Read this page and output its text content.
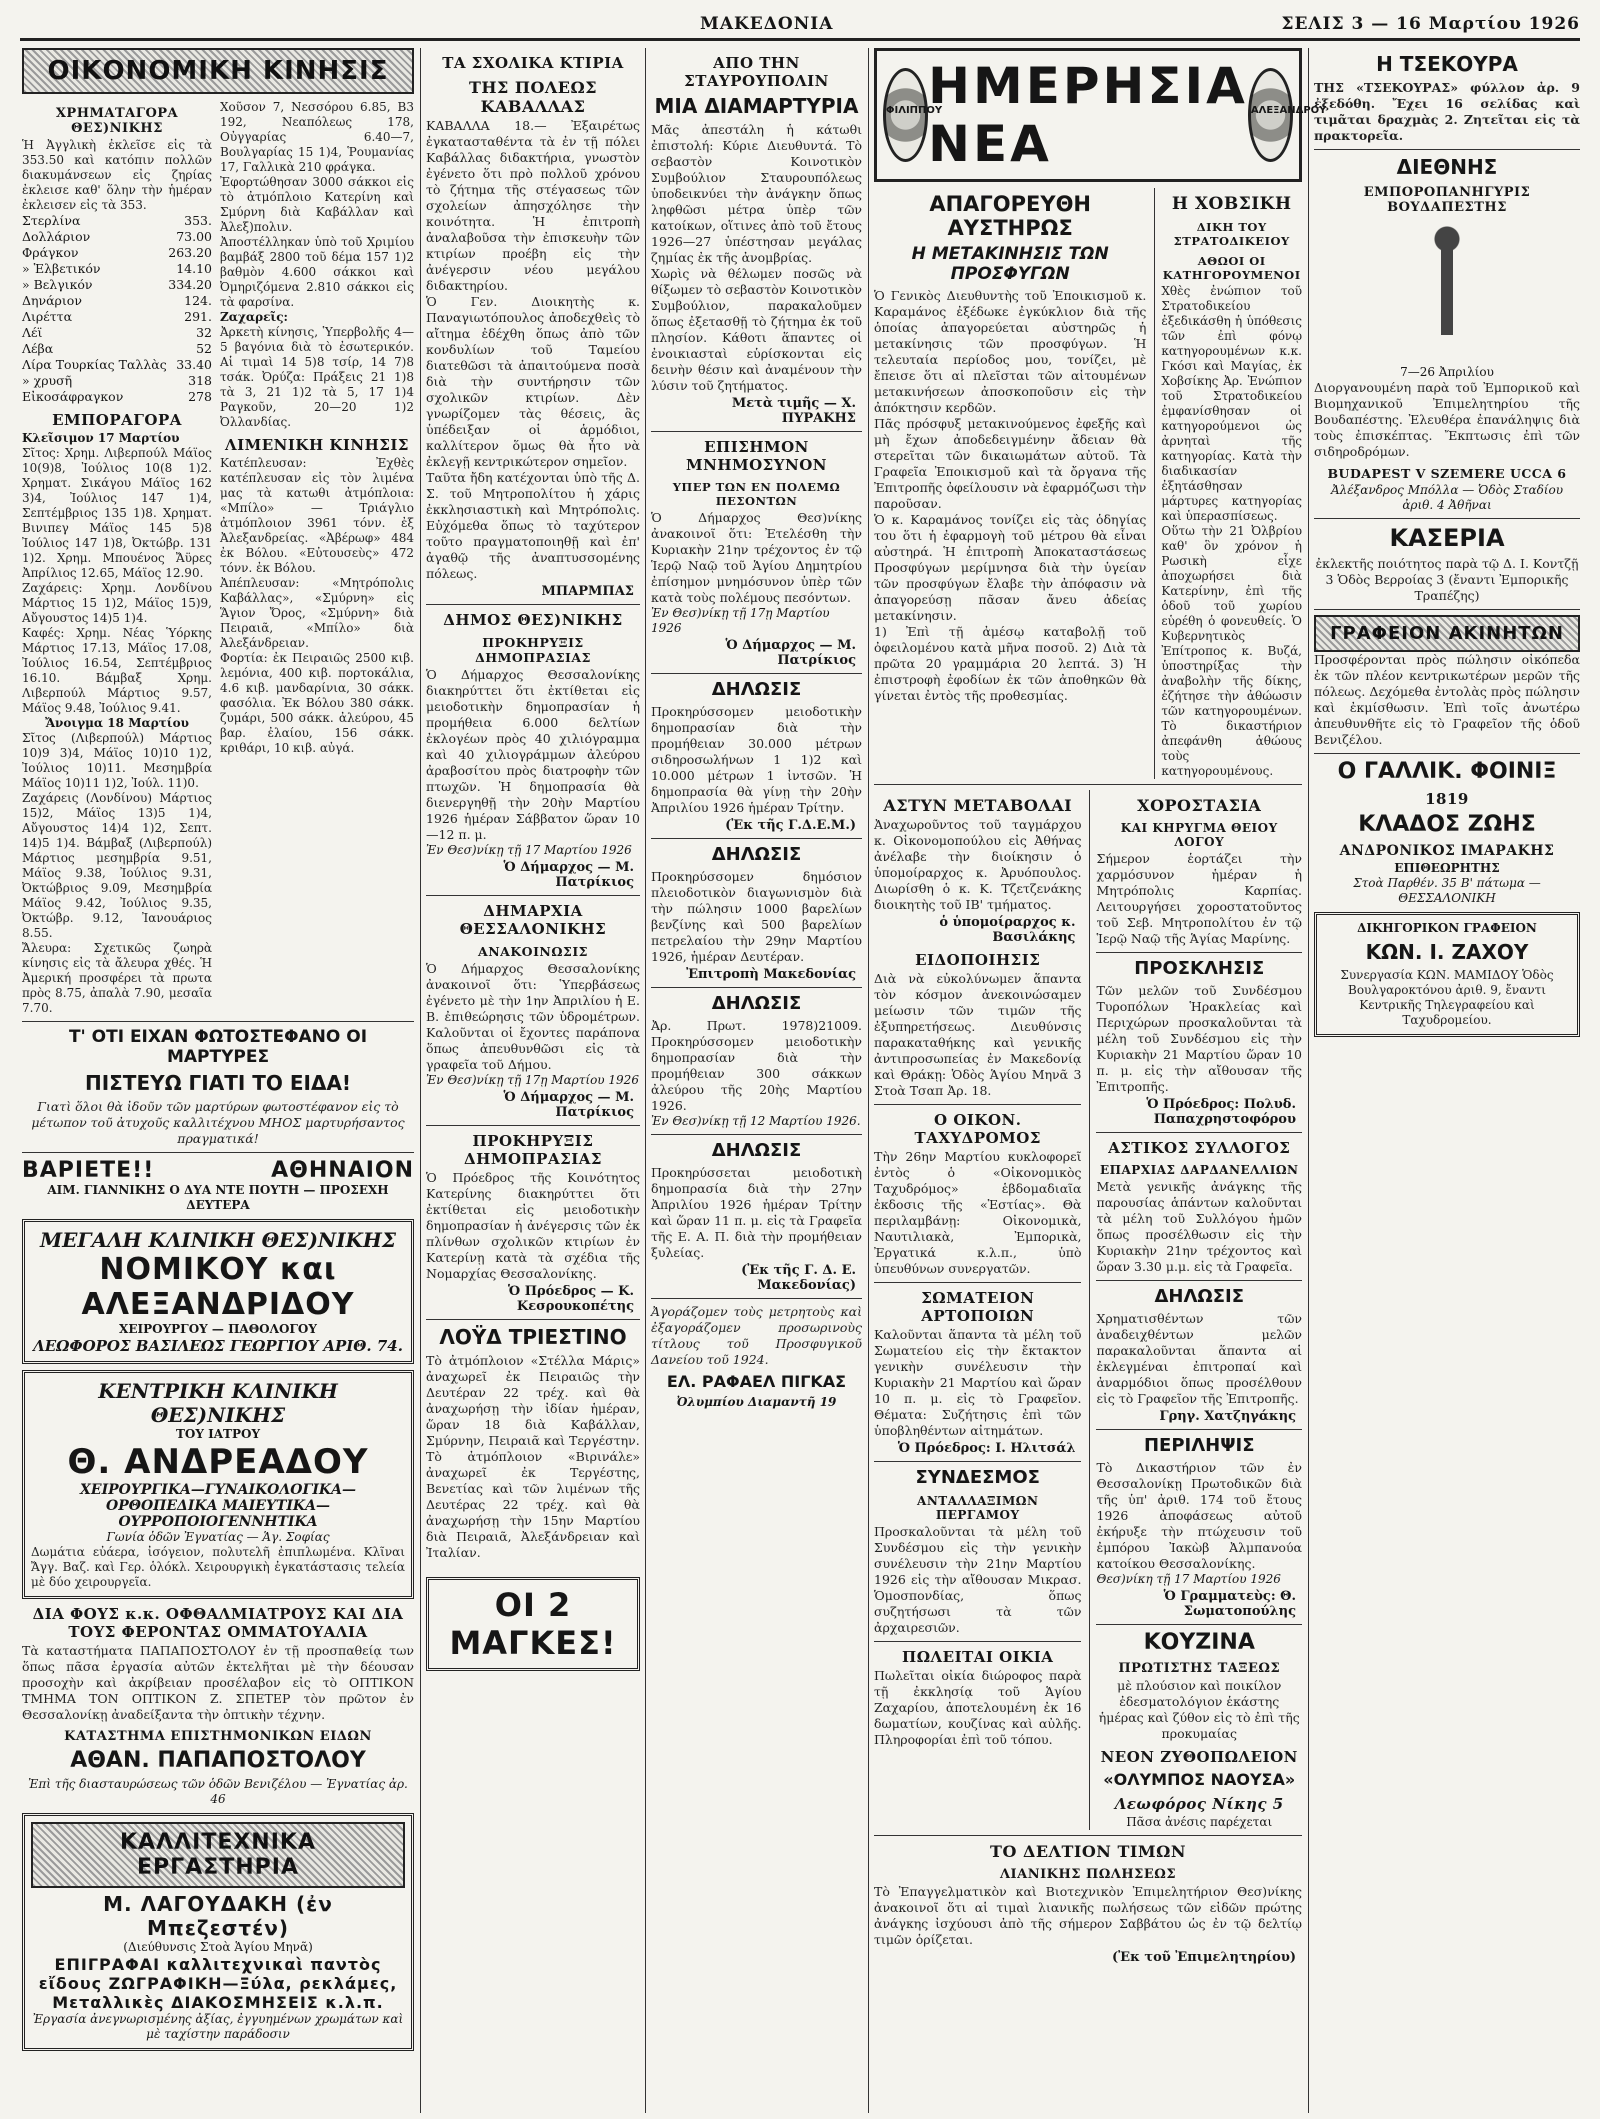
ΜΑΚΕΔΟΝΙΑ	ΣΕΛΙΣ 3 — 16 Μαρτίου 1926
ΟΙΚΟΝΟΜΙΚΗ ΚΙΝΗΣΙΣ
ΧΡΗΜΑΤΑΓΟΡΑ ΘΕΣ)ΝΙΚΗΣ

Ἡ Ἀγγλικὴ ἐκλεῖσε εἰς τὰ 353.50 καὶ κατόπιν πολλῶν διακυμάνσεων εἰς ζηρίας ἐκλεισε καθ' ὅλην τὴν ἡμέραν ἐκλεισεν εἰς τὰ 353.

Στερλίνα	353.
Δολλάριον	73.00
Φράγκον	263.20
» Ἑλβετικόν	14.10
» Βελγικόν	334.20
Δηνάριον	124.
Λιρέττα	291.
Λέϊ	32
Λέβα	52
Λίρα Τουρκίας Ταλλὰς 33.40
» χρυσῆ	318
Εἰκοσάφραγκον	278
ΕΜΠΟΡΑΓΟΡΑ
Κλεῖσιμον 17 Μαρτίου

Σῖτος: Χρημ. Λιβερπούλ Μάϊος 10(9)8, Ἰούλιος 10(8 1)2. Χρηματ. Σικάγου Μάϊος 162 3)4, Ἰούλιος 147 1)4, Σεπτέμβριος 135 1)8. Χρηματ. Βινιπεγ Μάϊος 145 5)8 Ἰούλιος 147 1)8, Ὀκτώβρ. 131 1)2. Χρημ. Μπουένος Ἄϋρες Ἀπρίλιος 12.65, Μάϊος 12.90.

Ζαχάρεις: Χρημ. Λονδίνου Μάρτιος 15 1)2, Μάϊος 15)9, Αὔγουστος 14)5 1)4.

Καφές: Χρημ. Νέας Ὑόρκης Μάρτιος 17.13, Μάϊος 17.08, Ἰούλιος 16.54, Σεπτέμβριος 16.10. Βάμβαξ Χρημ. Λιβερπούλ Μάρτιος 9.57, Μάϊος 9.48, Ἰούλιος 9.41.

Ἄνοιγμα 18 Μαρτίου

Σῖτος (Λιβερπούλ) Μάρτιος 10)9 3)4, Μάϊος 10)10 1)2, Ἰούλιος 10)11. Μεσημβρία Μάϊος 10)11 1)2, Ἰούλ. 11)0.

Ζαχάρεις (Λονδίνου) Μάρτιος 15)2, Μάϊος 13)5 1)4, Αὔγουστος 14)4 1)2, Σεπτ. 14)5 1)4. Βάμβαξ (Λιβερπούλ) Μάρτιος μεσημβρία 9.51, Μάϊος 9.38, Ἰούλιος 9.31, Ὀκτώβριος 9.09, Μεσημβρία Μάϊος 9.42, Ἰούλιος 9.35, Ὀκτώβρ. 9.12, Ἰανουάριος 8.55.

Ἄλευρα: Σχετικῶς ζωηρὰ κίνησις εἰς τὰ ἄλευρα χθές. Ἡ Ἀμερική προσφέρει τὰ πρωτα πρὸς 8.75, ἀπαλὰ 7.90, μεσαῖα 7.70.

Χοῦσον 7, Νεσσόρου 6.85, Β3 192, Νεαπόλεως 178, Οὐγγαρίας 6.40—7, Βουλγαρίας 15 1)4, Ῥουμανίας 17, Γαλλικὰ 210 φράγκα.

Ἐφορτώθησαν 3000 σάκκοι εἰς τὸ ἀτμόπλοιο Κατερίνη καὶ Σμύρνη διὰ Καβάλλαν καὶ Ἀλεξ)πολιν.

Ἀποστέλληκαν ὑπὸ τοῦ Χριμίου βαμβάξ 2800 τοῦ δέμα 157 1)2 βαθμὸν 4.600 σάκκοι καὶ Ὀμηριζόμενα 2.810 σάκκοι εἰς τὰ φαρσίνα.

Ζαχαρεῖς:

Ἀρκετὴ κίνησις, Ὑπερβολῆς 4—5 βαγόνια διὰ τὸ ἐσωτερικόν. Αἱ τιμαὶ 14 5)8 τσίρ, 14 7)8 τσάκ. Ὀρύζα: Πράξεις 21 1)8 τὰ 3, 21 1)2 τὰ 5, 17 1)4 Ραγκοῦν, 20—20 1)2 Ὀλλανδίας.

ΛΙΜΕΝΙΚΗ ΚΙΝΗΣΙΣ

Κατέπλευσαν: Ἐχθὲς κατέπλευσαν εἰς τὸν λιμένα μας τὰ κατωθι ἀτμόπλοια: «Μπίλο» — Τριάγλιο ἀτμόπλοιον 3961 τόνν. ἐξ Ἀλεξανδρείας. «Ἀβέρωφ» 484 ἐκ Βόλου. «Εὐτουσεὺς» 472 τόνν. ἐκ Βόλου.

Ἀπέπλευσαν: «Μητρόπολις Καβάλλας», «Σμύρνη» εἰς Ἅγιον Ὄρος, «Σμύρνη» διὰ Πειραιᾶ, «Μπίλο» διὰ Ἀλεξάνδρειαν.

Φορτία: ἐκ Πειραιῶς 2500 κιβ. λεμόνια, 400 κιβ. πορτοκάλια, 4.6 κιβ. μανδαρίνια, 30 σάκκ. φασόλια. Ἐκ Βόλου 380 σάκκ. ζυμάρι, 500 σάκκ. ἀλεύρου, 45 βαρ. ἐλαίου, 156 σάκκ. κριθάρι, 10 κιβ. αὐγά.

Τ' ΟΤΙ ΕΙΧΑΝ ΦΩΤΟΣΤΕΦΑΝΟ ΟΙ ΜΑΡΤΥΡΕΣ
ΠΙΣΤΕΥΩ ΓΙΑΤΙ ΤΟ ΕΙΔΑ!

Γιατὶ ὅλοι θὰ ἰδοῦν τῶν μαρτύρων φωτοστέφανον εἰς τὸ μέτωπον τοῦ ἀτυχοῦς καλλιτέχνου ΜΗΟΣ μαρτυρήσαντος πραγματικά!

ΒΑΡΙΕΤΕ!!	ΑΘΗΝΑΙΟΝ
ΑΙΜ. ΓΙΑΝΝΙΚΗΣ Ο ΔΥΑ ΝΤΕ ΠΟΥΤΗ — ΠΡΟΣΕΧΗ ΔΕΥΤΕΡΑ
ΜΕΓΑΛΗ ΚΛΙΝΙΚΗ ΘΕΣ)ΝΙΚΗΣ
ΝΟΜΙΚΟΥ και ΑΛΕΞΑΝΔΡΙΔΟΥ
ΧΕΙΡΟΥΡΓΟΥ — ΠΑΘΟΛΟΓΟΥ
ΛΕΩΦΟΡΟΣ ΒΑΣΙΛΕΩΣ ΓΕΩΡΓΙΟΥ ΑΡΙΘ. 74.
ΚΕΝΤΡΙΚΗ ΚΛΙΝΙΚΗ ΘΕΣ)ΝΙΚΗΣ
ΤΟΥ ΙΑΤΡΟΥ
Θ. ΑΝΔΡΕΑΔΟΥ
ΧΕΙΡΟΥΡΓΙΚΑ—ΓΥΝΑΙΚΟΛΟΓΙΚΑ—ΟΡΘΟΠΕΔΙΚΑ ΜΑΙΕΥΤΙΚΑ—ΟΥΡΡΟΠΟΙΟΓΕΝΝΗΤΙΚΑ
Γωνία ὁδῶν Ἐγνατίας — Ἁγ. Σοφίας

Δωμάτια εὐάερα, ἰσόγειον, πολυτελῆ ἐπιπλωμένα. Κλῖναι Ἄγγ. Βαζ. καὶ Γερ. ὁλόκλ. Χειρουργικὴ ἐγκατάστασις τελεία μὲ δύο χειρουργεῖα.

ΔΙΑ ΦΟΥΣ κ.κ. ΟΦΘΑΛΜΙΑΤΡΟΥΣ ΚΑΙ ΔΙΑ ΤΟΥΣ ΦΕΡΟΝΤΑΣ ΟΜΜΑΤΟΥΑΛΙΑ

Τὰ καταστήματα ΠΑΠΑΠΟΣΤΟΛΟΥ ἐν τῇ προσπαθείᾳ των ὅπως πᾶσα ἐργασία αὐτῶν ἐκτελῆται μὲ τὴν δέουσαν προσοχὴν καὶ ἀκρίβειαν προσέλαβον εἰς τὸ ΟΠΤΙΚΟΝ ΤΜΗΜΑ ΤΟΝ ΟΠΤΙΚΟΝ Ζ. ΣΠΕΤΕΡ τὸν πρῶτον ἐν Θεσσαλονίκῃ ἀναδείξαντα τὴν ὀπτικὴν τέχνην.

ΚΑΤΑΣΤΗΜΑ ΕΠΙΣΤΗΜΟΝΙΚΩΝ ΕΙΔΩΝ
ΑΘΑΝ. ΠΑΠΑΠΟΣΤΟΛΟΥ
Ἐπὶ τῆς διασταυρώσεως τῶν ὁδῶν Βενιζέλου — Ἐγνατίας ἀρ. 46
ΚΑΛΛΙΤΕΧΝΙΚΑ ΕΡΓΑΣΤΗΡΙΑ
Μ. ΛΑΓΟΥΔΑΚΗ (ἐν Μπεζεστέν)
(Διεύθυνσις Στοὰ Ἁγίου Μηνᾶ)
ΕΠΙΓΡΑΦΑΙ καλλιτεχνικαὶ παντὸς εἴδους ΖΩΓΡΑΦΙΚΗ—Ξύλα, ρεκλάμες, Μεταλλικὲς ΔΙΑΚΟΣΜΗΣΕΙΣ κ.λ.π.
Ἐργασία ἀνεγνωρισμένης ἀξίας, ἐγγυημένων χρωμάτων καὶ μὲ ταχίστην παράδοσιν
ΤΑ ΣΧΟΛΙΚΑ ΚΤΙΡΙΑ
ΤΗΣ ΠΟΛΕΩΣ ΚΑΒΑΛΛΑΣ

ΚΑΒΑΛΛΑ 18.— Ἐξαιρέτως ἐγκατασταθέντα τὰ ἐν τῇ πόλει Καβάλλας διδακτήρια, γνωστὸν ἐγένετο ὅτι πρὸ πολλοῦ χρόνου τὸ ζήτημα τῆς στέγασεως τῶν σχολείων ἀπησχόλησε τὴν κοινότητα. Ἡ ἐπιτροπὴ ἀναλαβοῦσα τὴν ἐπισκευὴν τῶν κτιρίων προέβη εἰς τὴν ἀνέγερσιν νέου μεγάλου διδακτηρίου.

Ὁ Γεν. Διοικητὴς κ. Παναγιωτόπουλος ἀποδεχθεὶς τὸ αἴτημα ἐδέχθη ὅπως ἀπὸ τῶν κονδυλίων τοῦ Ταμείου διατεθῶσι τὰ ἀπαιτούμενα ποσὰ διὰ τὴν συντήρησιν τῶν σχολικῶν κτιρίων. Δὲν γνωρίζομεν τὰς θέσεις, ἃς ὑπέδειξαν οἱ ἁρμόδιοι, καλλίτερον ὅμως θὰ ἦτο νὰ ἐκλεγῇ κεντρικώτερον σημεῖον.

Ταῦτα ἤδη κατέχονται ὑπὸ τῆς Δ. Σ. τοῦ Μητροπολίτου ἡ χάρις ἐκκλησιαστικὴ καὶ Μητρόπολις. Εὐχόμεθα ὅπως τὸ ταχύτερον τοῦτο πραγματοποιηθῇ καὶ ἐπ' ἀγαθῷ τῆς ἀναπτυσσομένης πόλεως.

ΜΠΑΡΜΠΑΣ
ΔΗΜΟΣ ΘΕΣ)ΝΙΚΗΣ
ΠΡΟΚΗΡΥΞΙΣ ΔΗΜΟΠΡΑΣΙΑΣ

Ὁ Δήμαρχος Θεσσαλονίκης διακηρύττει ὅτι ἐκτίθεται εἰς μειοδοτικὴν δημοπρασίαν ἡ προμήθεια 6.000 δελτίων ἐκλογέων πρὸς 40 χιλιόγραμμα καὶ 40 χιλιογράμμων ἀλεύρου ἀραβοσίτου πρὸς διατροφὴν τῶν πτωχῶν. Ἡ δημοπρασία θὰ διενεργηθῇ τὴν 20ὴν Μαρτίου 1926 ἡμέραν Σάββατον ὥραν 10—12 π. μ.

Ἐν Θεσ)νίκῃ τῇ 17 Μαρτίου 1926
Ὁ Δήμαρχος — Μ. Πατρίκιος
ΔΗΜΑΡΧΙΑ ΘΕΣΣΑΛΟΝΙΚΗΣ
ΑΝΑΚΟΙΝΩΣΙΣ

Ὁ Δήμαρχος Θεσσαλονίκης ἀνακοινοῖ ὅτι: Ὑπερβάσεως ἐγένετο μὲ τὴν 1ην Ἀπριλίου ἡ Ε. Β. ἐπιθεώρησις τῶν ὑδρομέτρων. Καλοῦνται οἱ ἔχοντες παράπονα ὅπως ἀπευθυνθῶσι εἰς τὰ γραφεῖα τοῦ Δήμου.

Ἐν Θεσ)νίκῃ τῇ 17ῃ Μαρτίου 1926
Ὁ Δήμαρχος — Μ. Πατρίκιος
ΠΡΟΚΗΡΥΞΙΣ ΔΗΜΟΠΡΑΣΙΑΣ

Ὁ Πρόεδρος τῆς Κοινότητος Κατερίνης διακηρύττει ὅτι ἐκτίθεται εἰς μειοδοτικὴν δημοπρασίαν ἡ ἀνέγερσις τῶν ἐκ πλίνθων σχολικῶν κτιρίων ἐν Κατερίνῃ κατὰ τὰ σχέδια τῆς Νομαρχίας Θεσσαλονίκης.

Ὁ Πρόεδρος — Κ. Κεσρουκοπέτης
ΛΟΫΔ ΤΡΙΕΣΤΙΝΟ

Τὸ ἀτμόπλοιον «Στέλλα Μάρις» ἀναχωρεῖ ἐκ Πειραιῶς τὴν Δευτέραν 22 τρέχ. καὶ θὰ ἀναχωρήσῃ τὴν ἰδίαν ἡμέραν, ὥραν 18 διὰ Καβάλλαν, Σμύρνην, Πειραιᾶ καὶ Τεργέστην.

Τὸ ἀτμόπλοιον «Βιρινάλε» ἀναχωρεῖ ἐκ Τεργέστης, Βενετίας καὶ τῶν λιμένων τῆς Δευτέρας 22 τρέχ. καὶ θὰ ἀναχωρήσῃ τὴν 15ην Μαρτίου διὰ Πειραιᾶ, Ἀλεξάνδρειαν καὶ Ἰταλίαν.

ΟΙ 2 ΜΑΓΚΕΣ!
ΑΠΟ ΤΗΝ ΣΤΑΥΡΟΥΠΟΛΙΝ
ΜΙΑ ΔΙΑΜΑΡΤΥΡΙΑ

Μᾶς ἀπεστάλη ἡ κάτωθι ἐπιστολή: Κύριε Διευθυντά. Τὸ σεβαστὸν Κοινοτικὸν Συμβούλιον Σταυρουπόλεως ὑποδεικνύει τὴν ἀνάγκην ὅπως ληφθῶσι μέτρα ὑπὲρ τῶν κατοίκων, οἵτινες ἀπὸ τοῦ ἔτους 1926—27 ὑπέστησαν μεγάλας ζημίας ἐκ τῆς ἀνομβρίας.

Χωρὶς νὰ θέλωμεν ποσῶς νὰ θίξωμεν τὸ σεβαστὸν Κοινοτικὸν Συμβούλιον, παρακαλοῦμεν ὅπως ἐξετασθῇ τὸ ζήτημα ἐκ τοῦ πλησίον. Κάθοτι ἅπαντες οἱ ἐνοικιασταὶ εὑρίσκονται εἰς δεινὴν θέσιν καὶ ἀναμένουν τὴν λύσιν τοῦ ζητήματος.

Μετὰ τιμῆς — Χ. ΠΥΡΑΚΗΣ
ΕΠΙΣΗΜΟΝ ΜΝΗΜΟΣΥΝΟΝ
ΥΠΕΡ ΤΩΝ ΕΝ ΠΟΛΕΜΩ ΠΕΣΟΝΤΩΝ

Ὁ Δήμαρχος Θεσ)νίκης ἀνακοινοῖ ὅτι: Ἐτελέσθη τὴν Κυριακὴν 21ην τρέχοντος ἐν τῷ Ἱερῷ Ναῷ τοῦ Ἁγίου Δημητρίου ἐπίσημον μνημόσυνον ὑπὲρ τῶν κατὰ τοὺς πολέμους πεσόντων.

Ἐν Θεσ)νίκῃ τῇ 17ῃ Μαρτίου 1926
Ὁ Δήμαρχος — Μ. Πατρίκιος
ΔΗΛΩΣΙΣ

Προκηρύσσομεν μειοδοτικὴν δημοπρασίαν διὰ τὴν προμήθειαν 30.000 μέτρων σιδηροσωλήνων 1 1)2 καὶ 10.000 μέτρων 1 ἰντσῶν. Ἡ δημοπρασία θὰ γίνῃ τὴν 20ὴν Ἀπριλίου 1926 ἡμέραν Τρίτην.

(Ἐκ τῆς Γ.Δ.Ε.Μ.)
ΔΗΛΩΣΙΣ

Προκηρύσσομεν δημόσιον πλειοδοτικὸν διαγωνισμὸν διὰ τὴν πώλησιν 1000 βαρελίων βενζίνης καὶ 500 βαρελίων πετρελαίου τὴν 29ην Μαρτίου 1926, ἡμέραν Δευτέραν.

Ἐπιτροπὴ Μακεδονίας
ΔΗΛΩΣΙΣ

Ἀρ. Πρωτ. 1978)21009. Προκηρύσσομεν μειοδοτικὴν δημοπρασίαν διὰ τὴν προμήθειαν 300 σάκκων ἀλεύρου τῆς 20ὴς Μαρτίου 1926.

Ἐν Θεσ)νίκῃ τῇ 12 Μαρτίου 1926.
ΔΗΛΩΣΙΣ

Προκηρύσσεται μειοδοτικὴ δημοπρασία διὰ τὴν 27ην Ἀπριλίου 1926 ἡμέραν Τρίτην καὶ ὥραν 11 π. μ. εἰς τὰ Γραφεῖα τῆς Ε. Α. Π. διὰ τὴν προμήθειαν ξυλείας.

(Ἐκ τῆς Γ. Δ. Ε. Μακεδονίας)

Ἀγοράζομεν τοὺς μετρητοὺς καὶ ἐξαγοράζομεν προσωρινοὺς τίτλους τοῦ Προσφυγικοῦ Δανείου τοῦ 1924.

ΕΛ. ΡΑΦΑΕΛ ΠΙΓΚΑΣ
Ὀλυμπίου Διαμαντῆ 19
ΦΙΛΙΠΠΟΥ
ΗΜΕΡΗΣΙΑ ΝΕΑ
ΑΛΕΞΑΝΔΡΟΥ
ΑΠΑΓΟΡΕΥΘΗ ΑΥΣΤΗΡΩΣ
Η ΜΕΤΑΚΙΝΗΣΙΣ ΤΩΝ ΠΡΟΣΦΥΓΩΝ

Ὁ Γενικὸς Διευθυντὴς τοῦ Ἐποικισμοῦ κ. Καραμάνος ἐξέδωκε ἐγκύκλιον διὰ τῆς ὁποίας ἀπαγορεύεται αὐστηρῶς ἡ μετακίνησις τῶν προσφύγων. Ἡ τελευταία περίοδος μου, τονίζει, μὲ ἔπεισε ὅτι αἱ πλεῖσται τῶν αἰτουμένων μετακινήσεων ἀποσκοποῦσιν εἰς τὴν ἀπόκτησιν κερδῶν.

Πᾶς πρόσφυξ μετακινούμενος ἐφεξῆς καὶ μὴ ἔχων ἀποδεδειγμένην ἄδειαν θὰ στερεῖται τῶν δικαιωμάτων αὐτοῦ. Τὰ Γραφεῖα Ἐποικισμοῦ καὶ τὰ ὄργανα τῆς Ἐπιτροπῆς ὀφείλουσιν νὰ ἐφαρμόζωσι τὴν παροῦσαν.

Ὁ κ. Καραμάνος τονίζει εἰς τὰς ὁδηγίας του ὅτι ἡ ἐφαρμογὴ τοῦ μέτρου θὰ εἶναι αὐστηρά. Ἡ ἐπιτροπὴ Ἀποκαταστάσεως Προσφύγων μερίμνησα διὰ τὴν ὑγείαν τῶν προσφύγων ἔλαβε τὴν ἀπόφασιν νὰ ἀπαγορεύσῃ πᾶσαν ἄνευ ἀδείας μετακίνησιν.

1) Ἐπὶ τῇ ἀμέσῳ καταβολῇ τοῦ ὀφειλομένου κατὰ μῆνα ποσοῦ. 2) Διὰ τὰ πρῶτα 20 γραμμάρια 20 λεπτά. 3) Ἡ ἐπιστροφὴ ἐφοδίων ἐκ τῶν ἀποθηκῶν θὰ γίνεται ἐντὸς τῆς προθεσμίας.

Η ΧΟΒΣΙΚΗ
ΔΙΚΗ ΤΟΥ ΣΤΡΑΤΟΔΙΚΕΙΟΥ
ΑΘΩΟΙ ΟΙ ΚΑΤΗΓΟΡΟΥΜΕΝΟΙ

Χθὲς ἐνώπιον τοῦ Στρατοδικείου ἐξεδικάσθη ἡ ὑπόθεσις τῶν ἐπὶ φόνῳ κατηγορουμένων κ.κ. Γκόσι καὶ Μαγίας, ἐκ Χοβσίκης Ἀρ. Ἐνώπιον τοῦ Στρατοδικείου ἐμφανίσθησαν οἱ κατηγορούμενοι ὡς ἀρνηταὶ τῆς κατηγορίας. Κατὰ τὴν διαδικασίαν ἐξητάσθησαν μάρτυρες κατηγορίας καὶ ὑπερασπίσεως.

Οὕτω τὴν 21 Ὀλβρίου καθ' ὃν χρόνον ἡ Ρωσικὴ εἶχε ἀποχωρήσει διὰ Κατερίνην, ἐπὶ τῆς ὁδοῦ τοῦ χωρίου εὑρέθη ὁ φονευθείς. Ὁ Κυβερνητικὸς Ἐπίτροπος κ. Βυζά, ὑποστηρίξας τὴν ἀναβολὴν τῆς δίκης, ἐζήτησε τὴν ἀθώωσιν τῶν κατηγορουμένων. Τὸ δικαστήριον ἀπεφάνθη ἀθώους τοὺς κατηγορουμένους.

ΑΣΤΥΝ ΜΕΤΑΒΟΛΑΙ

Ἀναχωροῦντος τοῦ ταγμάρχου κ. Οἰκονομοπούλου εἰς Ἀθήνας ἀνέλαβε τὴν διοίκησιν ὁ ὑπομοίραρχος κ. Ἀρυόπουλος. Διωρίσθη ὁ κ. Κ. Τζετζενάκης διοικητὴς τοῦ ΙΒ' τμήματος.

ὁ ὑπομοίραρχος κ. Βασιλάκης
ΕΙΔΟΠΟΙΗΣΙΣ

Διὰ νὰ εὐκολύνωμεν ἅπαντα τὸν κόσμον ἀνεκοινώσαμεν μείωσιν τῶν τιμῶν τῆς ἐξυπηρετήσεως. Διευθύνσις παρακαταθήκης καὶ γενικῆς ἀντιπροσωπείας ἐν Μακεδονίᾳ καὶ Θράκῃ: Ὁδὸς Ἁγίου Μηνᾶ 3 Στοὰ Τσαπ Ἀρ. 18.

Ο ΟΙΚΟΝ. ΤΑΧΥΔΡΟΜΟΣ

Τὴν 26ην Μαρτίου κυκλοφορεῖ ἐντὸς ὁ «Οἰκονομικὸς Ταχυδρόμος» ἑβδομαδιαῖα ἐκδοσις τῆς «Ἑστίας». Θὰ περιλαμβάνῃ: Οἰκονομικὰ, Ναυτιλιακὰ, Ἐμπορικὰ, Ἐργατικά κ.λ.π., ὑπὸ ὑπευθύνων συνεργατῶν.

ΣΩΜΑΤΕΙΟΝ ΑΡΤΟΠΟΙΩΝ

Καλοῦνται ἅπαντα τὰ μέλη τοῦ Σωματείου εἰς τὴν ἔκτακτον γενικὴν συνέλευσιν τὴν Κυριακὴν 21 Μαρτίου καὶ ὥραν 10 π. μ. εἰς τὸ Γραφεῖον. Θέματα: Συζήτησις ἐπὶ τῶν ὑποβληθέντων αἰτημάτων.

Ὁ Πρόεδρος: Ι. Ηλιτσάλ
ΣΥΝΔΕΣΜΟΣ
ΑΝΤΑΛΛΑΞΙΜΩΝ ΠΕΡΓΑΜΟΥ

Προσκαλοῦνται τὰ μέλη τοῦ Συνδέσμου εἰς τὴν γενικὴν συνέλευσιν τὴν 21ην Μαρτίου 1926 εἰς τὴν αἴθουσαν Μικρασ. Ὁμοσπονδίας, ὅπως συζητήσωσι τὰ τῶν ἀρχαιρεσιῶν.

ΠΩΛΕΙΤΑΙ ΟΙΚΙΑ

Πωλεῖται οἰκία διώροφος παρὰ τῇ ἐκκλησίᾳ τοῦ Ἁγίου Ζαχαρίου, ἀποτελουμένη ἐκ 16 δωματίων, κουζίνας καὶ αὐλῆς. Πληροφορίαι ἐπὶ τοῦ τόπου.

ΧΟΡΟΣΤΑΣΙΑ
ΚΑΙ ΚΗΡΥΓΜΑ ΘΕΙΟΥ ΛΟΓΟΥ

Σήμερον ἑορτάζει τὴν χαρμόσυνον ἡμέραν ἡ Μητρόπολις Καρπίας. Λειτουργήσει χοροστατοῦντος τοῦ Σεβ. Μητροπολίτου ἐν τῷ Ἱερῷ Ναῷ τῆς Ἁγίας Μαρίνης.

ΠΡΟΣΚΛΗΣΙΣ

Τῶν μελῶν τοῦ Συνδέσμου Τυροπόλων Ἡρακλείας καὶ Περιχώρων προσκαλοῦνται τὰ μέλη τοῦ Συνδέσμου εἰς τὴν Κυριακὴν 21 Μαρτίου ὥραν 10 π. μ. εἰς τὴν αἴθουσαν τῆς Ἐπιτροπῆς.

Ὁ Πρόεδρος: Πολυδ. Παπαχρηστοφόρου
ΑΣΤΙΚΟΣ ΣΥΛΛΟΓΟΣ
ΕΠΑΡΧΙΑΣ ΔΑΡΔΑΝΕΛΛΙΩΝ

Μετὰ γενικῆς ἀνάγκης τῆς παρουσίας ἁπάντων καλοῦνται τὰ μέλη τοῦ Συλλόγου ἡμῶν ὅπως προσέλθωσιν εἰς τὴν Κυριακὴν 21ην τρέχοντος καὶ ὥραν 3.30 μ.μ. εἰς τὰ Γραφεῖα.

ΔΗΛΩΣΙΣ

Χρηματισθέντων τῶν ἀναδειχθέντων μελῶν παρακαλοῦνται ἅπαντα αἱ ἐκλεγμέναι ἐπιτροπαί καὶ ἀναρμόδιοι ὅπως προσέλθουν εἰς τὸ Γραφεῖον τῆς Ἐπιτροπῆς.

Γρηγ. Χατζηγάκης
ΠΕΡΙΛΗΨΙΣ

Τὸ Δικαστήριον τῶν ἐν Θεσσαλονίκῃ Πρωτοδικῶν διὰ τῆς ὑπ' ἀριθ. 174 τοῦ ἔτους 1926 ἀποφάσεως αὐτοῦ ἐκήρυξε τὴν πτώχευσιν τοῦ ἐμπόρου Ἰακὼβ Ἀλμπανούα κατοίκου Θεσσαλονίκης.

Θεσ)νίκη τῇ 17 Μαρτίου 1926
Ὁ Γραμματεὺς: Θ. Σωματοπούλης
ΚΟΥΖΙΝΑ
ΠΡΩΤΙΣΤΗΣ ΤΑΞΕΩΣ

μὲ πλούσιον καὶ ποικίλον ἐδεσματολόγιον ἑκάστης ἡμέρας καὶ ζύθον εἰς τὸ ἐπὶ τῆς προκυμαίας

ΝΕΟΝ ΖΥΘΟΠΩΛΕΙΟΝ
«ΟΛΥΜΠΟΣ ΝΑΟΥΣΑ»
Λεωφόρος Νίκης 5
Πᾶσα ἀνέσις παρέχεται
ΤΟ ΔΕΛΤΙΟΝ ΤΙΜΩΝ
ΛΙΑΝΙΚΗΣ ΠΩΛΗΣΕΩΣ

Τὸ Ἐπαγγελματικὸν καὶ Βιοτεχνικὸν Ἐπιμελητήριον Θεσ)νίκης ἀνακοινοῖ ὅτι αἱ τιμαὶ λιανικῆς πωλήσεως τῶν εἰδῶν πρώτης ἀνάγκης ἰσχύουσι ἀπὸ τῆς σήμερον Σαββάτου ὡς ἐν τῷ δελτίῳ τιμῶν ὁρίζεται.

(Ἐκ τοῦ Ἐπιμελητηρίου)
Η ΤΣΕΚΟΥΡΑ

ΤΗΣ «ΤΣΕΚΟΥΡΑΣ» φύλλον ἀρ. 9 ἐξεδόθη. Ἔχει 16 σελίδας καὶ τιμᾶται δραχμὰς 2. Ζητεῖται εἰς τὰ πρακτορεῖα.

ΔΙΕΘΝΗΣ
ΕΜΠΟΡΟΠΑΝΗΓΥΡΙΣ ΒΟΥΔΑΠΕΣΤΗΣ
7—26 Ἀπριλίου

Διοργανουμένη παρὰ τοῦ Ἐμπορικοῦ καὶ Βιομηχανικοῦ Ἐπιμελητηρίου τῆς Βουδαπέστης. Ἐλευθέρα ἐπανάληψις διὰ τοὺς ἐπισκέπτας. Ἔκπτωσις ἐπὶ τῶν σιδηροδρόμων.

BUDAPEST V SZEMERE UCCA 6
Ἀλέξανδρος Μπόλλα — Ὁδὸς Σταδίου ἀριθ. 4 Ἀθῆναι
ΚΑΣΕΡΙΑ

ἐκλεκτῆς ποιότητος παρὰ τῷ Δ. Ι. Κοντζῇ 3 Ὁδὸς Βερροίας 3 (ἔναντι Ἐμπορικῆς Τραπέζης)

ΓΡΑΦΕΙΟΝ ΑΚΙΝΗΤΩΝ

Προσφέρονται πρὸς πώλησιν οἰκόπεδα ἐκ τῶν πλέον κεντρικωτέρων μερῶν τῆς πόλεως. Δεχόμεθα ἐντολὰς πρὸς πώλησιν καὶ ἐκμίσθωσιν. Ἐπὶ τοῖς ἀνωτέρω ἀπευθυνθῆτε εἰς τὸ Γραφεῖον τῆς ὁδοῦ Βενιζέλου.

Ο ΓΑΛΛΙΚ. ΦΟΙΝΙΞ
1819
ΚΛΑΔΟΣ ΖΩΗΣ
ΑΝΔΡΟΝΙΚΟΣ ΙΜΑΡΑΚΗΣ
ΕΠΙΘΕΩΡΗΤΗΣ
Στοὰ Παρθέν. 35 Β' πάτωμα — ΘΕΣΣΑΛΟΝΙΚΗ
ΔΙΚΗΓΟΡΙΚΟΝ ΓΡΑΦΕΙΟΝ
ΚΩΝ. Ι. ΖΑΧΟΥ

Συνεργασία ΚΩΝ. ΜΑΜΙΔΟΥ Ὁδὸς Βουλγαροκτόνου ἀριθ. 9, ἔναντι Κεντρικῆς Τηλεγραφείου καὶ Ταχυδρομείου.
